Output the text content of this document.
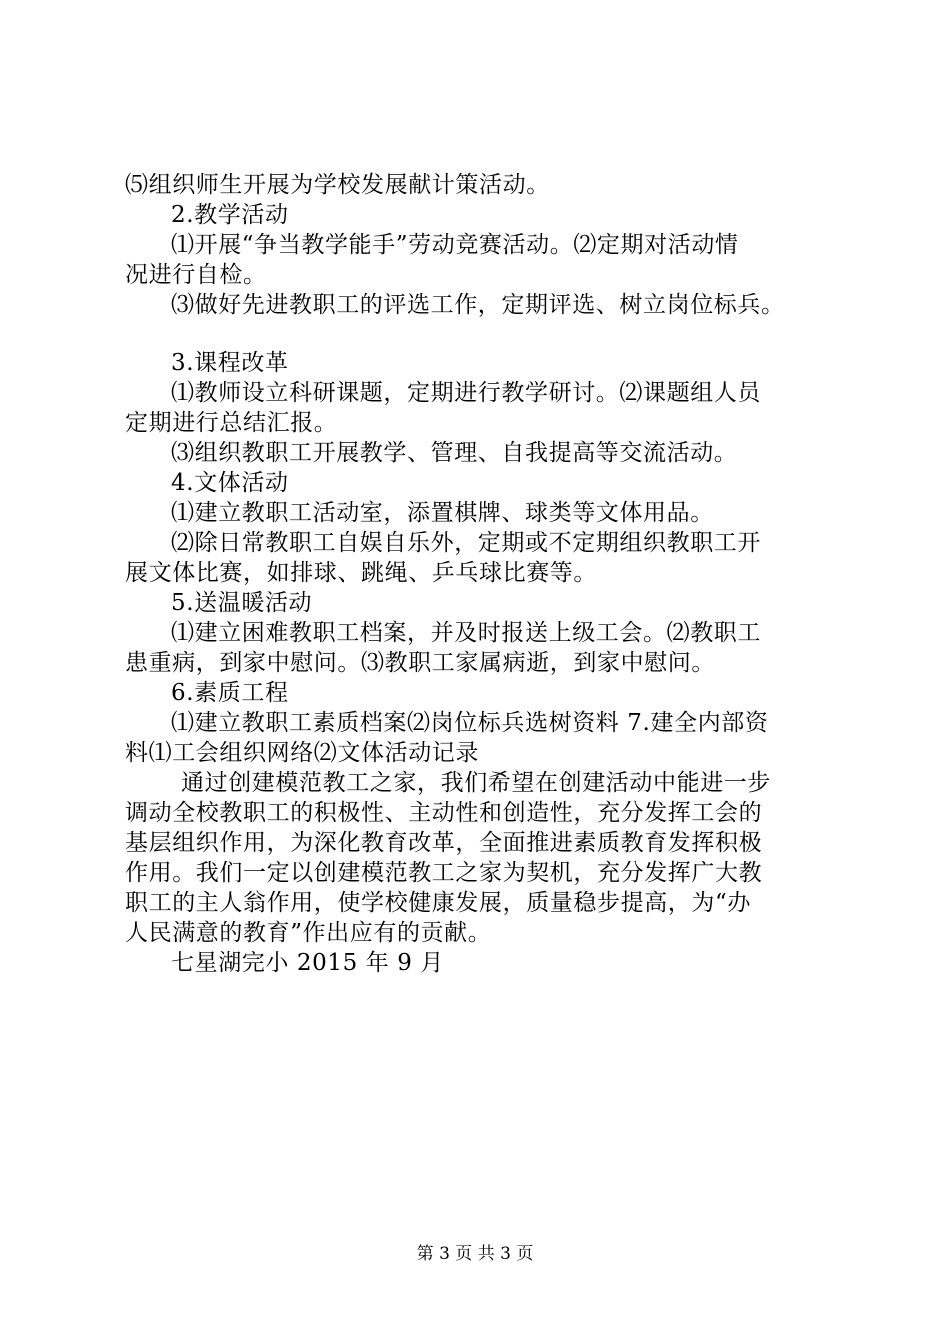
⑸组织师生开展为学校发展献计策活动。
2.教学活动
⑴开展“争当教学能手”劳动竞赛活动。⑵定期对活动情
况进行自检。
⑶做好先进教职工的评选工作，定期评选、树立岗位标兵。
3.课程改革
⑴教师设立科研课题，定期进行教学研讨。⑵课题组人员
定期进行总结汇报。
⑶组织教职工开展教学、管理、自我提高等交流活动。
4.文体活动
⑴建立教职工活动室，添置棋牌、球类等文体用品。
⑵除日常教职工自娱自乐外，定期或不定期组织教职工开
展文体比赛，如排球、跳绳、乒乓球比赛等。
5.送温暖活动
⑴建立困难教职工档案，并及时报送上级工会。⑵教职工
患重病，到家中慰问。⑶教职工家属病逝，到家中慰问。
6.素质工程
⑴建立教职工素质档案⑵岗位标兵选树资料 7.建全内部资
料⑴工会组织网络⑵文体活动记录
通过创建模范教工之家，我们希望在创建活动中能进一步
调动全校教职工的积极性、主动性和创造性，充分发挥工会的
基层组织作用，为深化教育改革，全面推进素质教育发挥积极
作用。我们一定以创建模范教工之家为契机，充分发挥广大教
职工的主人翁作用，使学校健康发展，质量稳步提高，为“办
人民满意的教育”作出应有的贡献。
七星湖完小 2015 年 9 月
第 3 页 共 3 页
